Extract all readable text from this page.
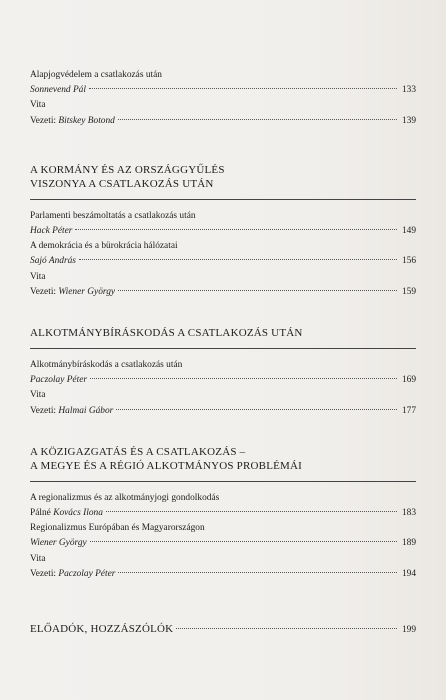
Alapjogvédelem a csatlakozás után
Sonnevend Pál	133
Vita
Vezeti: Bitskey Botond	139
A KORMÁNY ÉS AZ ORSZÁGGYŰLÉS
VISZONYA A CSATLAKOZÁS UTÁN
Parlamenti beszámoltatás a csatlakozás után
Hack Péter	149
A demokrácia és a bürokrácia hálózatai
Sajó András	156
Vita
Vezeti: Wiener György	159
ALKOTMÁNYBÍRÁSKODÁS A CSATLAKOZÁS UTÁN
Alkotmánybíráskodás a csatlakozás után
Paczolay Péter	169
Vita
Vezeti: Halmai Gábor	177
A KÖZIGAZGATÁS ÉS A CSATLAKOZÁS –
A MEGYE ÉS A RÉGIÓ ALKOTMÁNYOS PROBLÉMÁI
A regionalizmus és az alkotmányjogi gondolkodás
Pálné Kovács Ilona	183
Regionalizmus Európában és Magyarországon
Wiener György	189
Vita
Vezeti: Paczolay Péter	194
ELŐADÓK, HOZZÁSZÓLÓK	199
